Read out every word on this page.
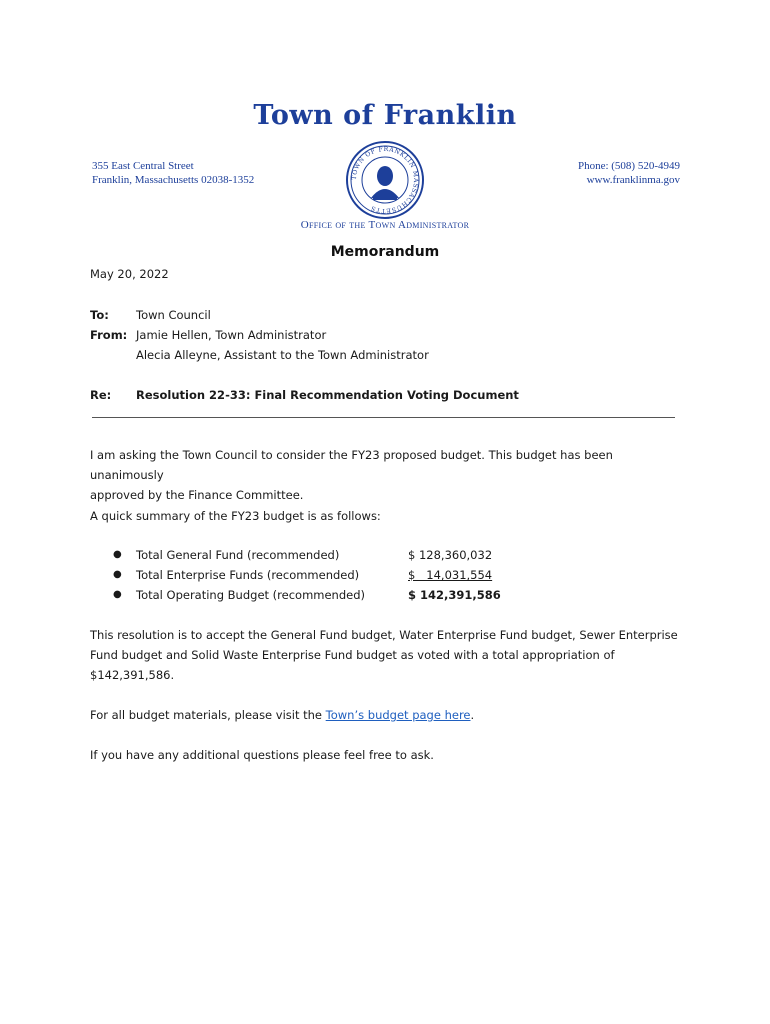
Town of Franklin
355 East Central Street
Franklin, Massachusetts 02038-1352
Phone: (508) 520-4949
www.franklinma.gov
TOWN OF FRANKLIN MASSACHUSETTS
Office of the Town Administrator
Memorandum
May 20, 2022
To: Town Council
From: Jamie Hellen, Town Administrator
Alecia Alleyne, Assistant to the Town Administrator
Re: Resolution 22-33: Final Recommendation Voting Document
I am asking the Town Council to consider the FY23 proposed budget. This budget has been unanimously
approved by the Finance Committee.
A quick summary of the FY23 budget is as follows:
● Total General Fund (recommended)	$ 128,360,032
● Total Enterprise Funds (recommended)	$   14,031,554
● Total Operating Budget (recommended)	$ 142,391,586
This resolution is to accept the General Fund budget, Water Enterprise Fund budget, Sewer Enterprise
Fund budget and Solid Waste Enterprise Fund budget as voted with a total appropriation of
$142,391,586.
For all budget materials, please visit the Town’s budget page here.
If you have any additional questions please feel free to ask.
